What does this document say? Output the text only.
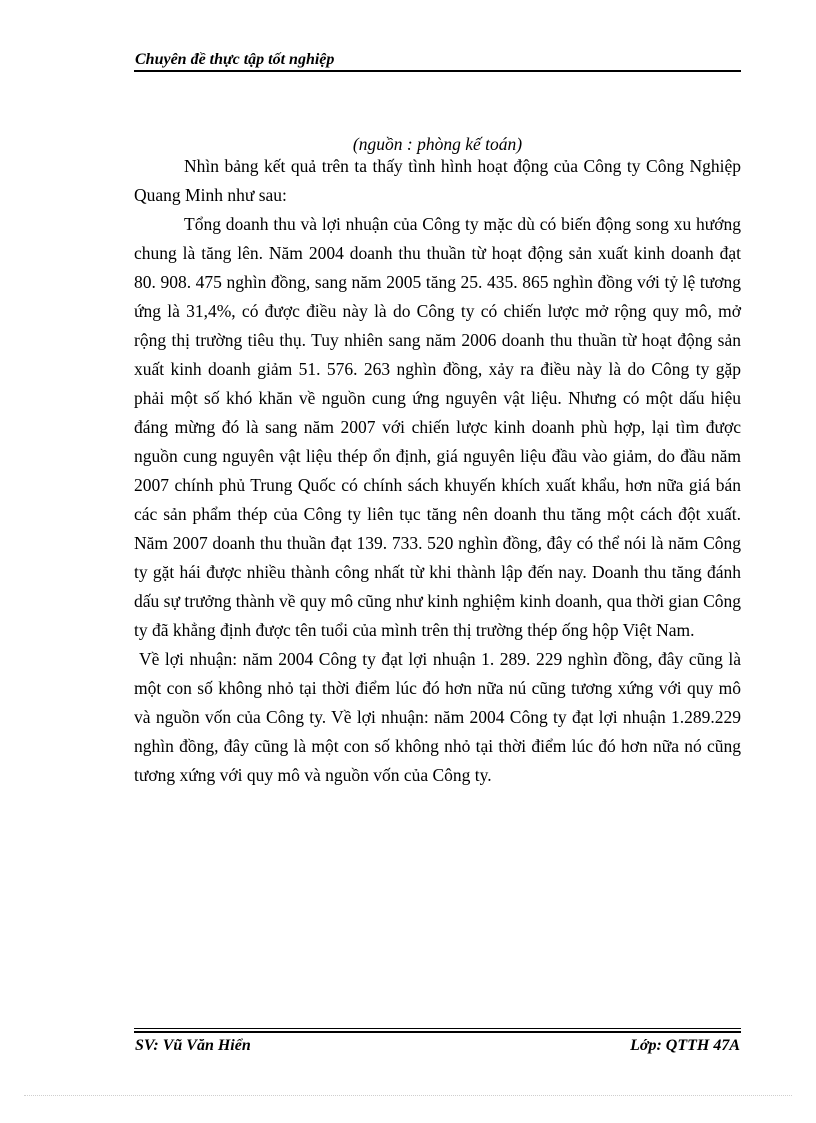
Chuyên đề thực tập tốt nghiệp
(nguồn : phòng kế toán)

Nhìn bảng kết quả trên ta thấy tình hình hoạt động của Công ty Công Nghiệp Quang Minh như sau:

Tổng doanh thu và lợi nhuận của Công ty mặc dù có biến động song xu hướng chung là tăng lên. Năm 2004 doanh thu thuần từ hoạt động sản xuất kinh doanh đạt 80. 908. 475 nghìn đồng, sang năm 2005 tăng 25. 435. 865 nghìn đồng với tỷ lệ tương ứng là 31,4%, có được điều này là do Công ty có chiến lược mở rộng quy mô, mở rộng thị trường tiêu thụ. Tuy nhiên sang năm 2006 doanh thu thuần từ hoạt động sản xuất kinh doanh giảm 51. 576. 263 nghìn đồng, xảy ra điều này là do Công ty gặp phải một số khó khăn về nguồn cung ứng nguyên vật liệu. Nhưng có một dấu hiệu đáng mừng đó là sang năm 2007 với chiến lược kinh doanh phù hợp, lại tìm được nguồn cung nguyên vật liệu thép ổn định, giá nguyên liệu đầu vào giảm, do đầu năm 2007 chính phủ Trung Quốc có chính sách khuyến khích xuất khẩu, hơn nữa giá bán các sản phẩm thép của Công ty liên tục tăng nên doanh thu tăng một cách đột xuất. Năm 2007 doanh thu thuần đạt 139. 733. 520 nghìn đồng, đây có thể nói là năm Công ty gặt hái được nhiều thành công nhất từ khi thành lập đến nay. Doanh thu tăng đánh dấu sự trưởng thành về quy mô cũng như kinh nghiệm kinh doanh, qua thời gian Công ty đã khẳng định được tên tuổi của mình trên thị trường thép ống hộp Việt Nam.

Về lợi nhuận: năm 2004 Công ty đạt lợi nhuận 1. 289. 229 nghìn đồng, đây cũng là một con số không nhỏ tại thời điểm lúc đó hơn nữa nú cũng tương xứng với quy mô và nguồn vốn của Công ty. Về lợi nhuận: năm 2004 Công ty đạt lợi nhuận 1.289.229 nghìn đồng, đây cũng là một con số không nhỏ tại thời điểm lúc đó hơn nữa nó cũng tương xứng với quy mô và nguồn vốn của Công ty.

SV: Vũ Văn Hiển	Lớp: QTTH 47A
